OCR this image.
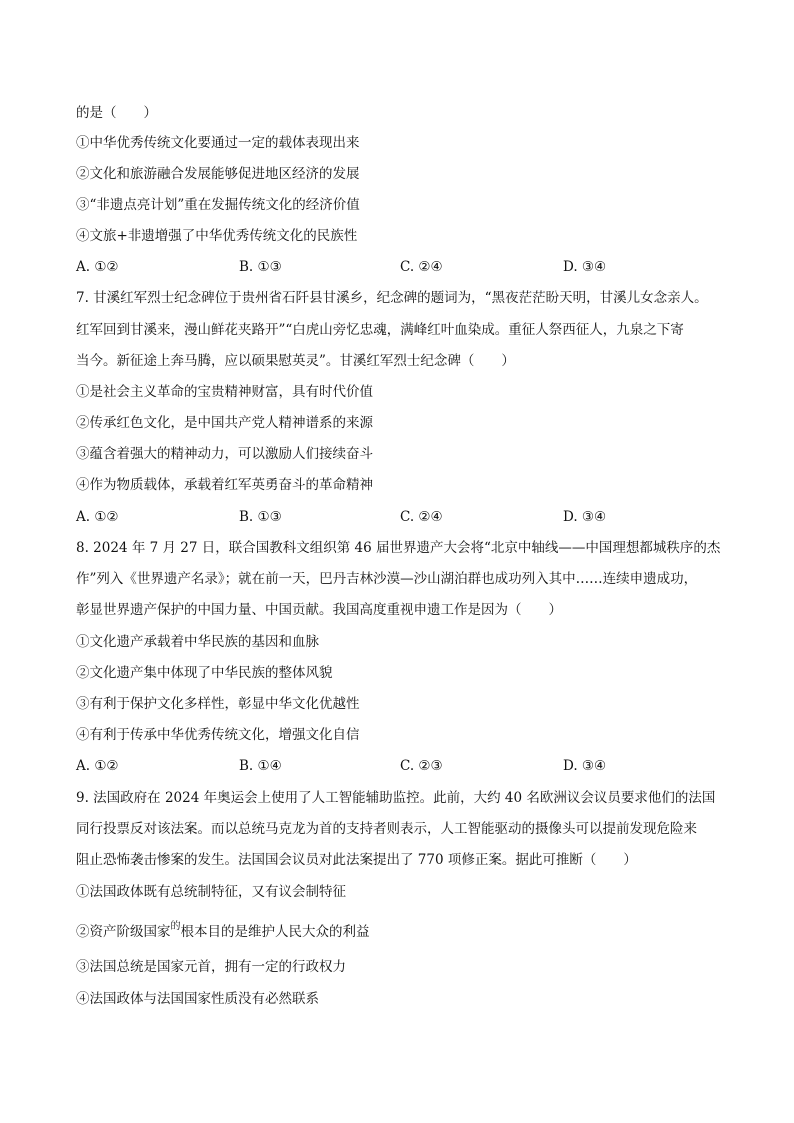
的是（　　）
①中华优秀传统文化要通过一定的载体表现出来
②文化和旅游融合发展能够促进地区经济的发展
③“非遗点亮计划”重在发掘传统文化的经济价值
④文旅+非遗增强了中华优秀传统文化的民族性
A. ①②	B. ①③	C. ②④	D. ③④
7. 甘溪红军烈士纪念碑位于贵州省石阡县甘溪乡，纪念碑的题词为，“黑夜茫茫盼天明，甘溪儿女念亲人。
红军回到甘溪来，漫山鲜花夹路开”“白虎山旁忆忠魂，满峰红叶血染成。重征人祭西征人，九泉之下寄
当今。新征途上奔马腾，应以硕果慰英灵”。甘溪红军烈士纪念碑（　　）
①是社会主义革命的宝贵精神财富，具有时代价值
②传承红色文化，是中国共产党人精神谱系的来源
③蕴含着强大的精神动力，可以激励人们接续奋斗
④作为物质载体，承载着红军英勇奋斗的革命精神
A. ①②	B. ①③	C. ②④	D. ③④
8. 2024 年 7 月 27 日，联合国教科文组织第 46 届世界遗产大会将“北京中轴线——中国理想都城秩序的杰
作”列入《世界遗产名录》；就在前一天，巴丹吉林沙漠—沙山湖泊群也成功列入其中……连续申遗成功，
彰显世界遗产保护的中国力量、中国贡献。我国高度重视申遗工作是因为（　　）
①文化遗产承载着中华民族的基因和血脉
②文化遗产集中体现了中华民族的整体风貌
③有利于保护文化多样性，彰显中华文化优越性
④有利于传承中华优秀传统文化，增强文化自信
A. ①②	B. ①④	C. ②③	D. ③④
9. 法国政府在 2024 年奥运会上使用了人工智能辅助监控。此前，大约 40 名欧洲议会议员要求他们的法国
同行投票反对该法案。而以总统马克龙为首的支持者则表示，人工智能驱动的摄像头可以提前发现危险来
阻止恐怖袭击惨案的发生。法国国会议员对此法案提出了 770 项修正案。据此可推断（　　）
①法国政体既有总统制特征，又有议会制特征
②资产阶级国家$^的$根本目的是维护人民大众的利益
③法国总统是国家元首，拥有一定的行政权力
④法国政体与法国国家性质没有必然联系
